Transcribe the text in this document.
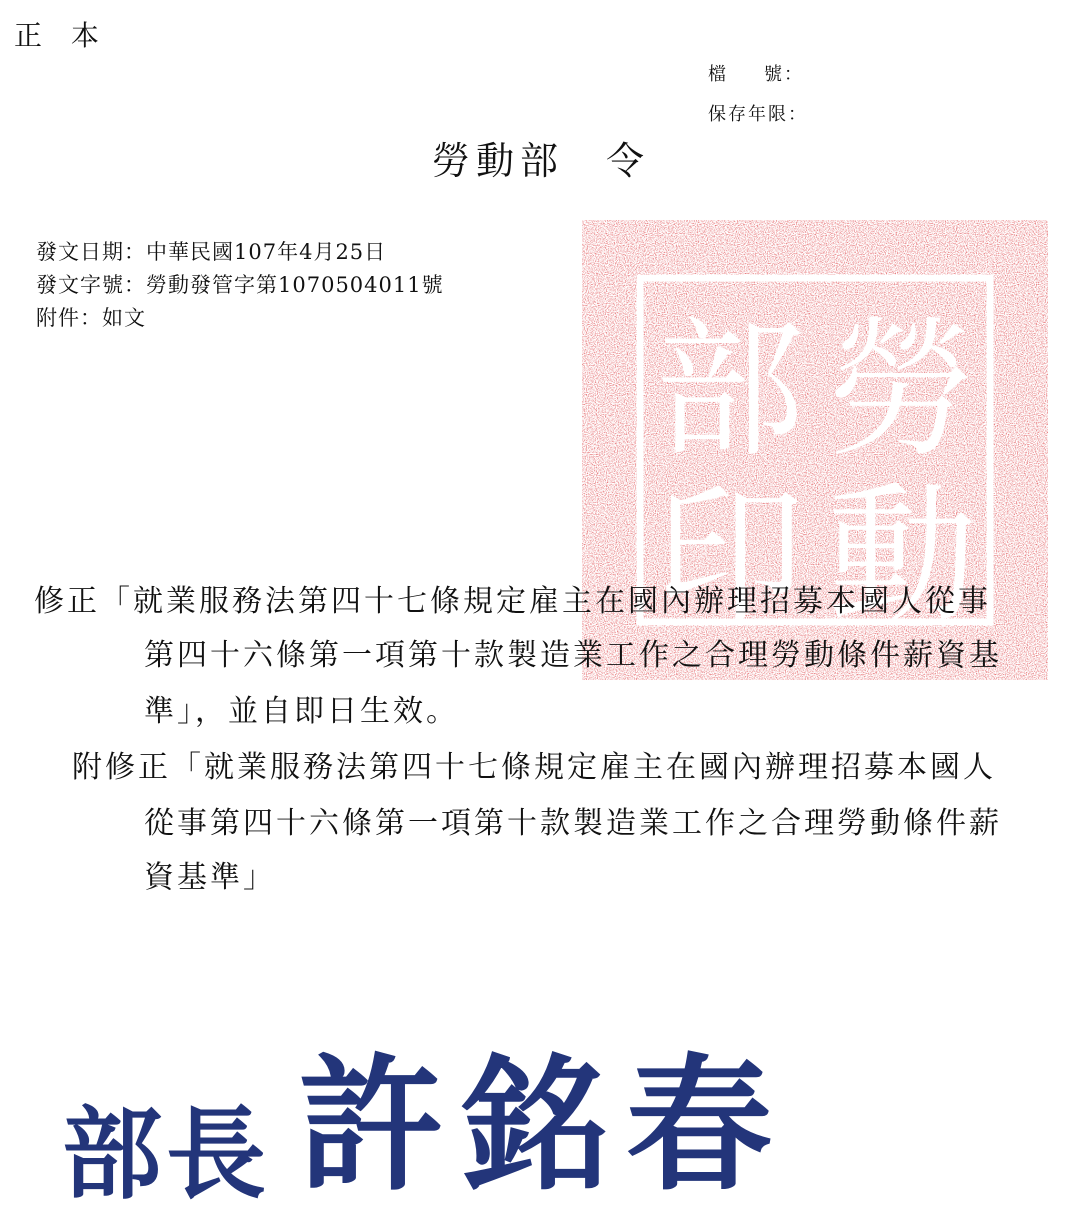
正 本
檔 號：
保存年限：
勞動部 令
發文日期：中華民國107年4月25日
發文字號：勞動發管字第1070504011號
附件：如文	勞
動
部
印
修正「就業服務法第四十七條規定雇主在國內辦理招募本國人從事
第四十六條第一項第十款製造業工作之合理勞動條件薪資基
準」，並自即日生效。
附修正「就業服務法第四十七條規定雇主在國內辦理招募本國人
從事第四十六條第一項第十款製造業工作之合理勞動條件薪
資基準」
部長 許銘春
